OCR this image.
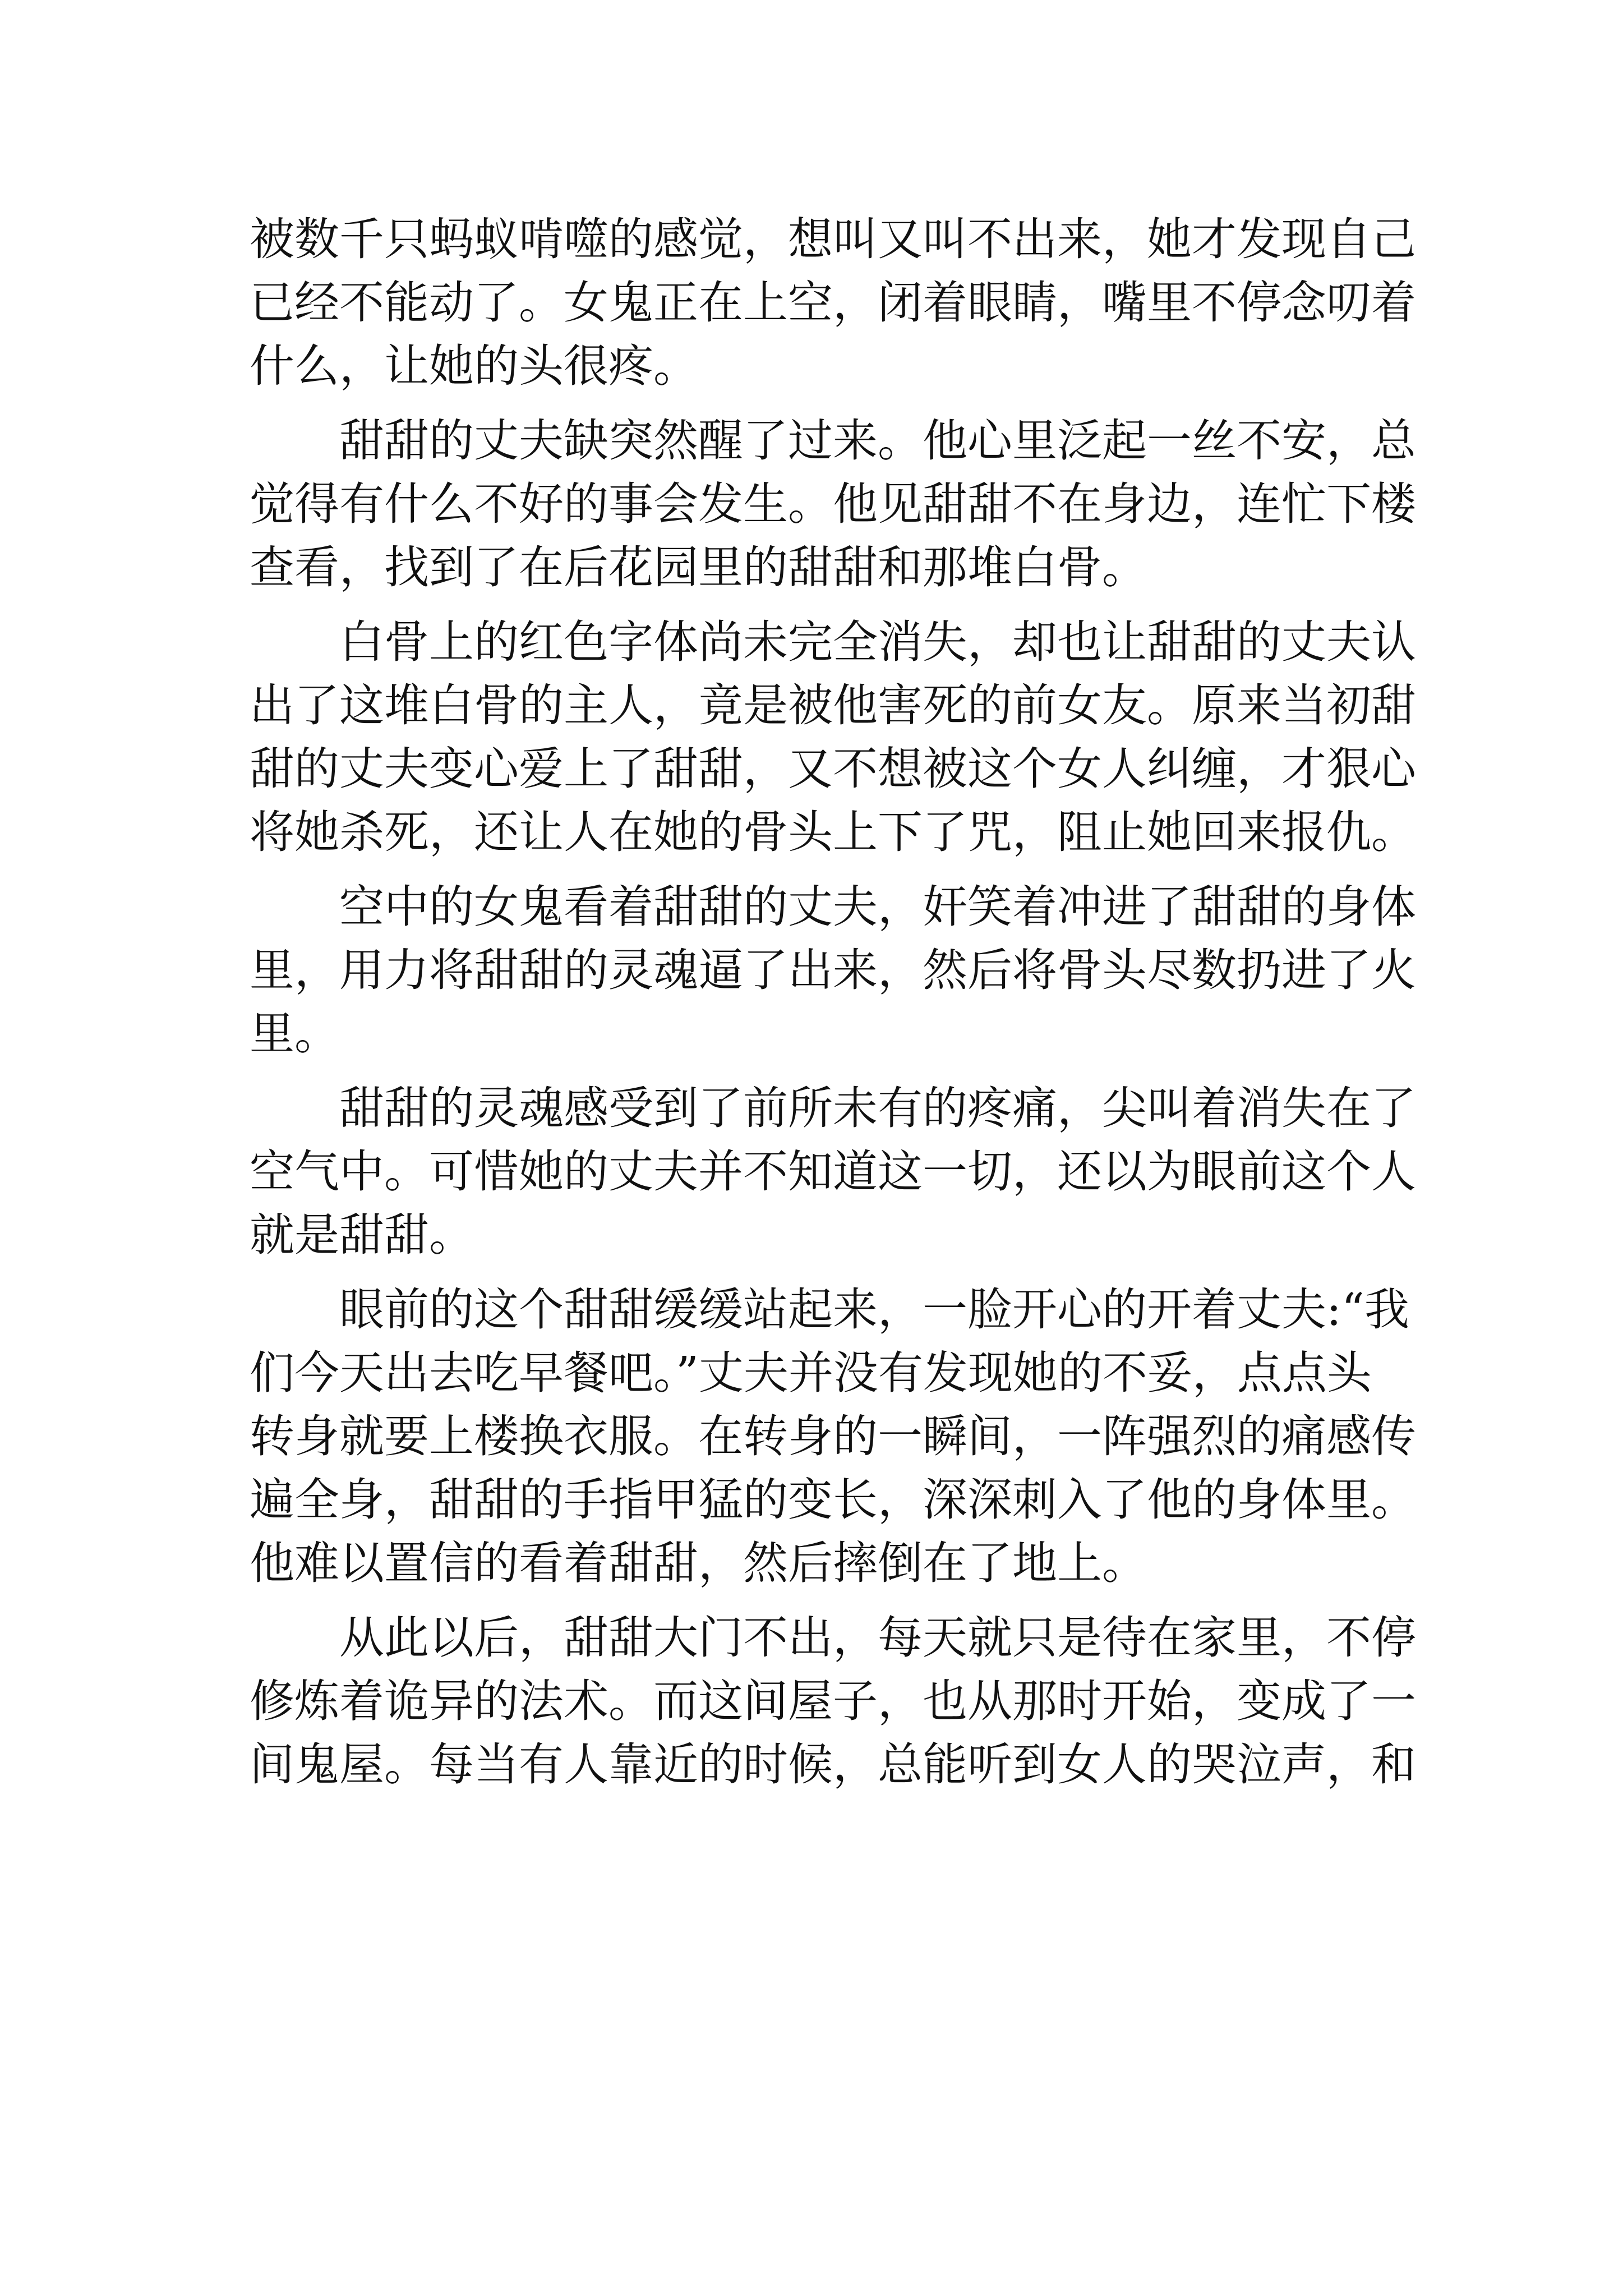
被数千只蚂蚁啃噬的感觉，想叫又叫不出来，她才发现自己
已经不能动了。女鬼正在上空，闭着眼睛，嘴里不停念叨着
什么，让她的头很疼。
甜甜的丈夫缺突然醒了过来。他心里泛起一丝不安，总
觉得有什么不好的事会发生。他见甜甜不在身边，连忙下楼
查看，找到了在后花园里的甜甜和那堆白骨。
白骨上的红色字体尚未完全消失，却也让甜甜的丈夫认
出了这堆白骨的主人，竟是被他害死的前女友。原来当初甜
甜的丈夫变心爱上了甜甜，又不想被这个女人纠缠，才狠心
将她杀死，还让人在她的骨头上下了咒，阻止她回来报仇。
空中的女鬼看着甜甜的丈夫，奸笑着冲进了甜甜的身体
里，用力将甜甜的灵魂逼了出来，然后将骨头尽数扔进了火
里。
甜甜的灵魂感受到了前所未有的疼痛，尖叫着消失在了
空气中。可惜她的丈夫并不知道这一切，还以为眼前这个人
就是甜甜。
眼前的这个甜甜缓缓站起来，一脸开心的开着丈夫:“我
们今天出去吃早餐吧。”丈夫并没有发现她的不妥，点点头
转身就要上楼换衣服。在转身的一瞬间，一阵强烈的痛感传
遍全身，甜甜的手指甲猛的变长，深深刺入了他的身体里。
他难以置信的看着甜甜，然后摔倒在了地上。
从此以后，甜甜大门不出，每天就只是待在家里，不停
修炼着诡异的法术。而这间屋子，也从那时开始，变成了一
间鬼屋。每当有人靠近的时候，总能听到女人的哭泣声，和
